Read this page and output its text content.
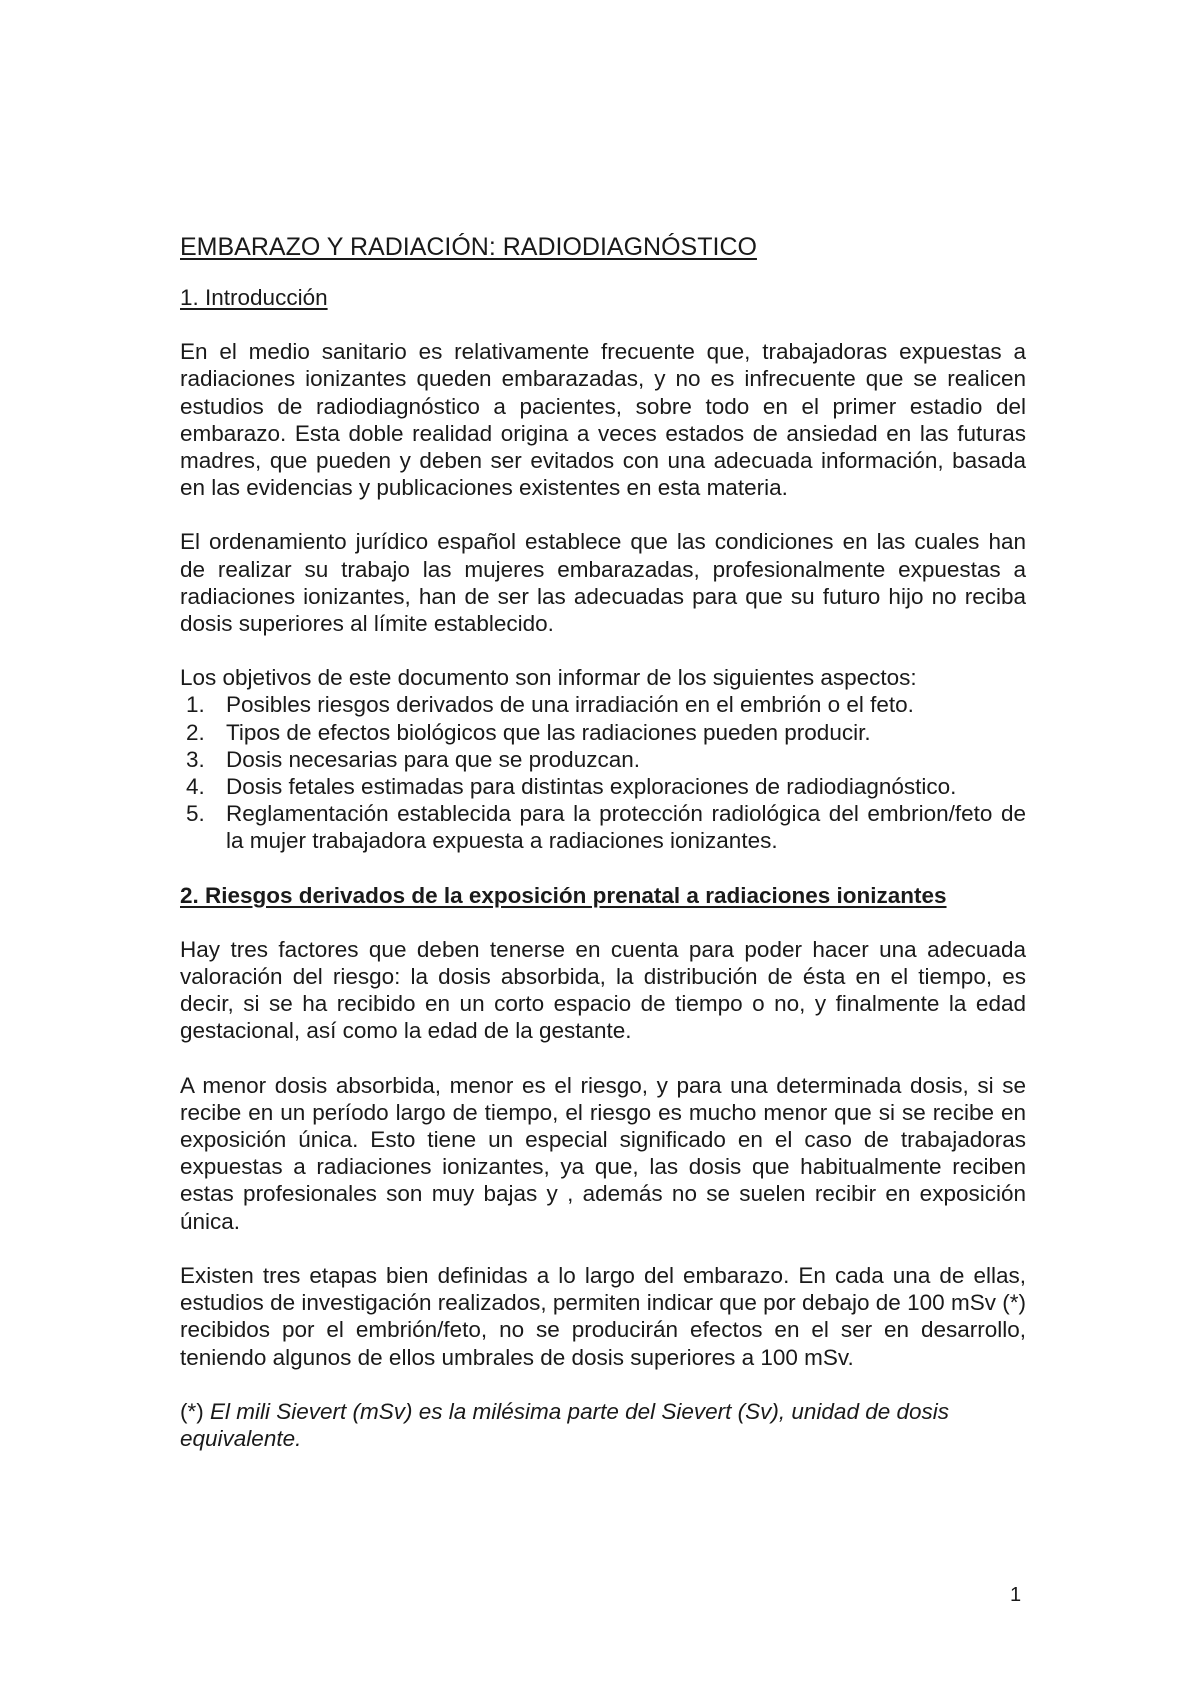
EMBARAZO Y RADIACIÓN: RADIODIAGNÓSTICO

1. Introducción

En el medio sanitario es relativamente frecuente que, trabajadoras expuestas a radiaciones ionizantes queden embarazadas, y no es infrecuente que se realicen estudios de radiodiagnóstico a pacientes, sobre todo en el primer estadio del embarazo. Esta doble realidad origina a veces estados de ansiedad en las futuras madres, que pueden y deben ser evitados con una adecuada información, basada en las evidencias y publicaciones existentes en esta materia.

El ordenamiento jurídico español establece que las condiciones en las cuales han de realizar su trabajo las mujeres embarazadas, profesionalmente expuestas a radiaciones ionizantes, han de ser las adecuadas para que su futuro hijo no reciba dosis superiores al límite establecido.

Los objetivos de este documento son informar de los siguientes aspectos:

1. Posibles riesgos derivados de una irradiación en el embrión o el feto.
2. Tipos de efectos biológicos que las radiaciones pueden producir.
3. Dosis necesarias para que se produzcan.
4. Dosis fetales estimadas para distintas exploraciones de radiodiagnóstico.
5. Reglamentación establecida para la protección radiológica del embrion/feto de la mujer trabajadora expuesta a radiaciones ionizantes.

2. Riesgos derivados de la exposición prenatal a radiaciones ionizantes

Hay tres factores que deben tenerse en cuenta para poder hacer una adecuada valoración del riesgo: la dosis absorbida, la distribución de ésta en el tiempo, es decir, si se ha recibido en un corto espacio de tiempo o no, y finalmente la edad gestacional, así como la edad de la gestante.

A menor dosis absorbida, menor es el riesgo, y para una determinada dosis, si se recibe en un período largo de tiempo, el riesgo es mucho menor que si se recibe en exposición única. Esto tiene un especial significado en el caso de trabajadoras expuestas a radiaciones ionizantes, ya que, las dosis que habitualmente reciben estas profesionales son muy bajas y , además no se suelen recibir en exposición única.

Existen tres etapas bien definidas a lo largo del embarazo. En cada una de ellas, estudios de investigación realizados, permiten indicar que por debajo de 100 mSv (*) recibidos por el embrión/feto, no se producirán efectos en el ser en desarrollo, teniendo algunos de ellos umbrales de dosis superiores a 100 mSv.

(*) El mili Sievert (mSv) es la milésima parte del Sievert (Sv), unidad de dosis equivalente.

1
